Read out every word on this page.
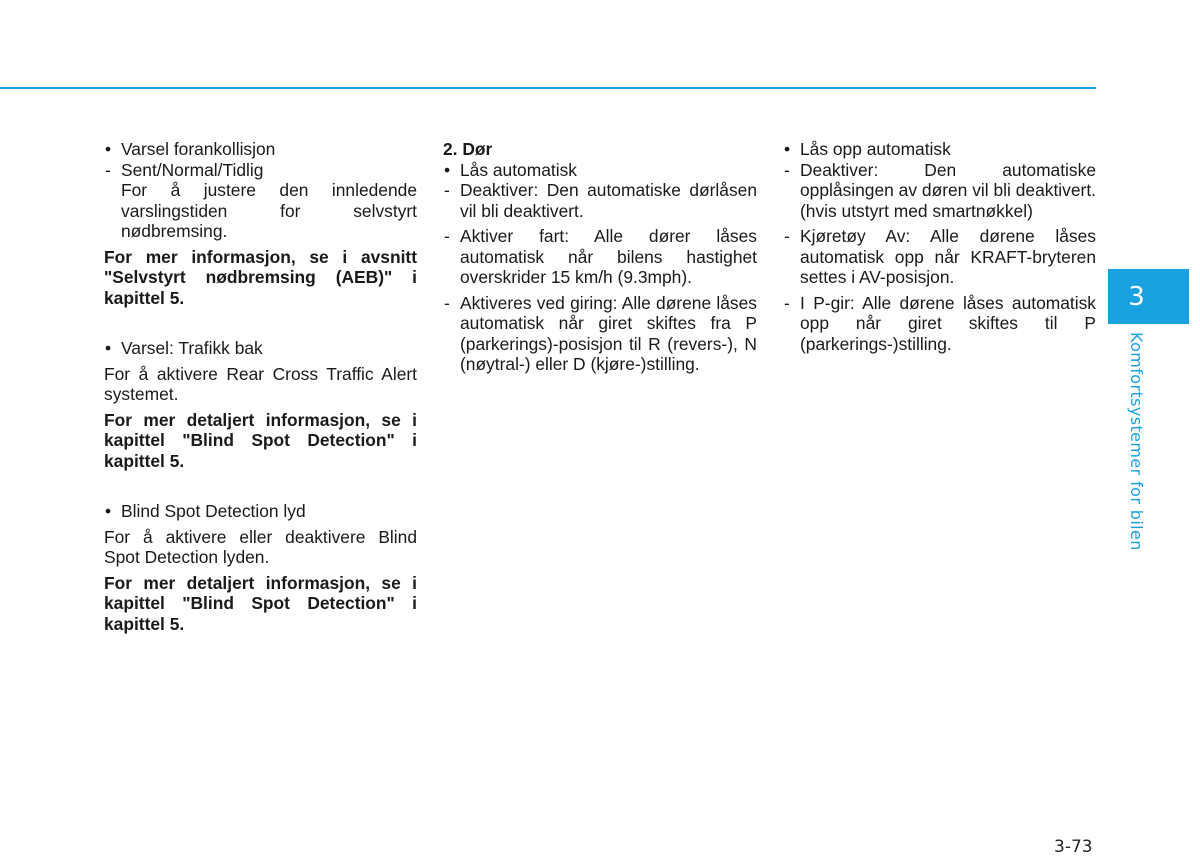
• Varsel forankollisjon

- Sent/Normal/Tidlig

For å justere den innledende varslingstiden for selvstyrt nødbremsing.

For mer informasjon, se i avsnitt "Selvstyrt nødbremsing (AEB)" i kapittel 5.

• Varsel: Trafikk bak

For å aktivere Rear Cross Traffic Alert systemet.

For mer detaljert informasjon, se i kapittel "Blind Spot Detection" i kapittel 5.

• Blind Spot Detection lyd

For å aktivere eller deaktivere Blind Spot Detection lyden.

For mer detaljert informasjon, se i kapittel "Blind Spot Detection" i kapittel 5.

2. Dør

• Lås automatisk

- Deaktiver: Den automatiske dørlåsen vil bli deaktivert.

- Aktiver fart: Alle dører låses automatisk når bilens hastighet overskrider 15 km/h (9.3mph).

- Aktiveres ved giring: Alle dørene låses automatisk når giret skiftes fra P (parkerings)-posisjon til R (revers-), N (nøytral-) eller D (kjøre-)stilling.

• Lås opp automatisk

- Deaktiver: Den automatiske opplåsingen av døren vil bli deaktivert. (hvis utstyrt med smartnøkkel)

- Kjøretøy Av: Alle dørene låses automatisk opp når KRAFT-bryteren settes i AV-posisjon.

- I P-gir: Alle dørene låses automatisk opp når giret skiftes til P (parkerings-)stilling.

3
Komfortsystemer for bilen
3-73
